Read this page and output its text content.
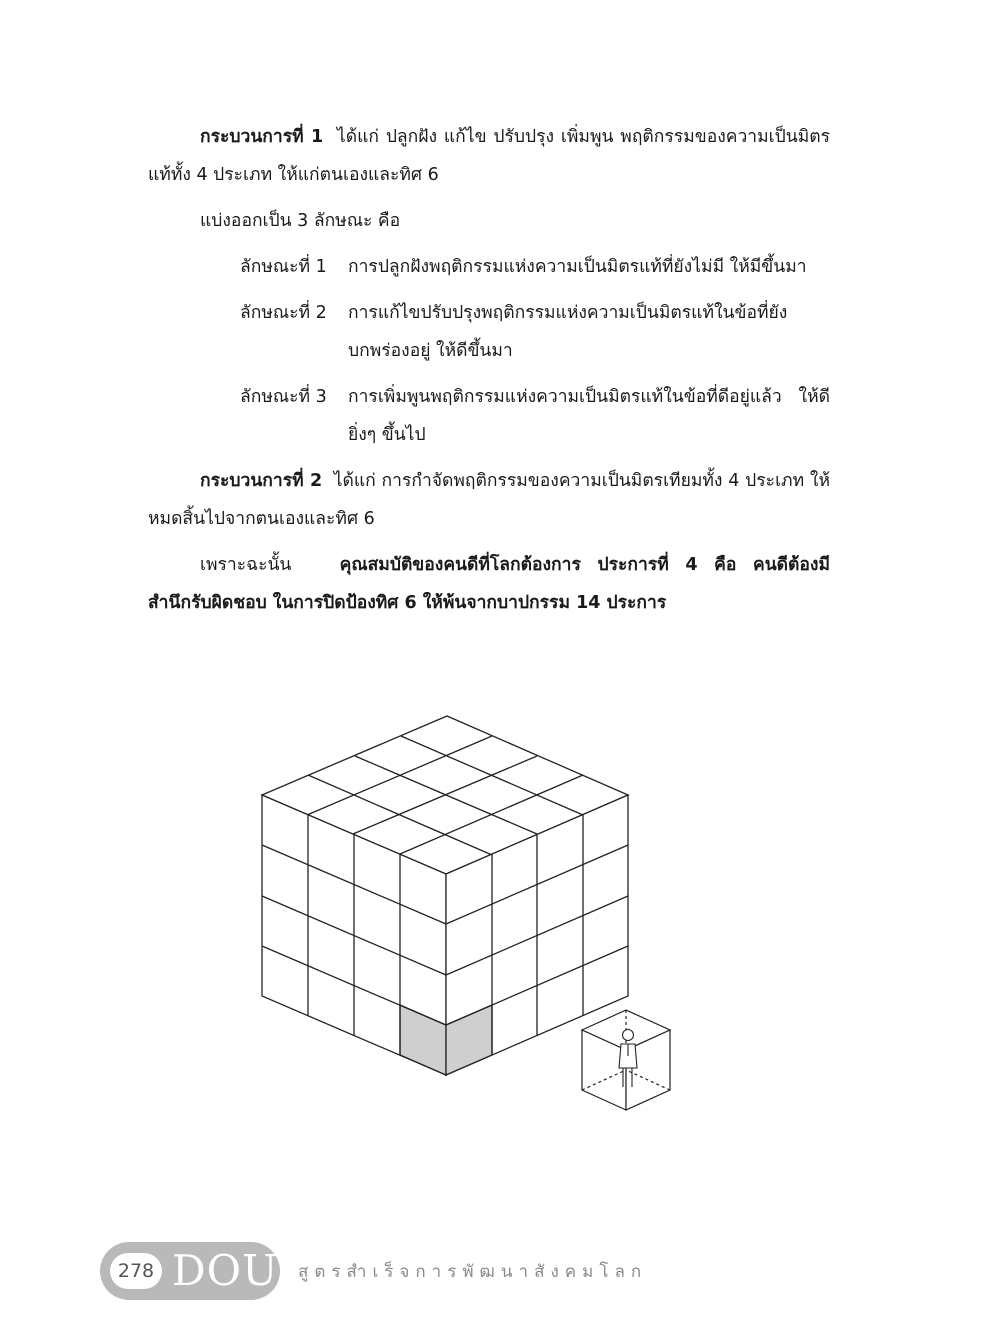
กระบวนการที่ 1 ได้แก่ ปลูกฝัง แก้ไข ปรับปรุง เพิ่มพูน พฤติกรรมของความเป็นมิตร แท้ทั้ง 4 ประเภท ให้แก่ตนเองและทิศ 6

แบ่งออกเป็น 3 ลักษณะ คือ

ลักษณะที่ 1	การปลูกฝังพฤติกรรมแห่งความเป็นมิตรแท้ที่ยังไม่มี ให้มีขึ้นมา
ลักษณะที่ 2	การแก้ไขปรับปรุงพฤติกรรมแห่งความเป็นมิตรแท้ในข้อที่ยังบกพร่องอยู่ ให้ดีขึ้นมา
ลักษณะที่ 3	การเพิ่มพูนพฤติกรรมแห่งความเป็นมิตรแท้ในข้อที่ดีอยู่แล้ว ให้ดียิ่งๆ ขึ้นไป

กระบวนการที่ 2 ได้แก่ การกำจัดพฤติกรรมของความเป็นมิตรเทียมทั้ง 4 ประเภท ให้หมดสิ้นไปจากตนเองและทิศ 6

เพราะฉะนั้น	คุณสมบัติของคนดีที่โลกต้องการ ประการที่ 4 คือ คนดีต้องมี

สำนึกรับผิดชอบ ในการปิดป้องทิศ 6 ให้พ้นจากบาปกรรม 14 ประการ

278 DOU สูตรสำเร็จการพัฒนาสังคมโลก
